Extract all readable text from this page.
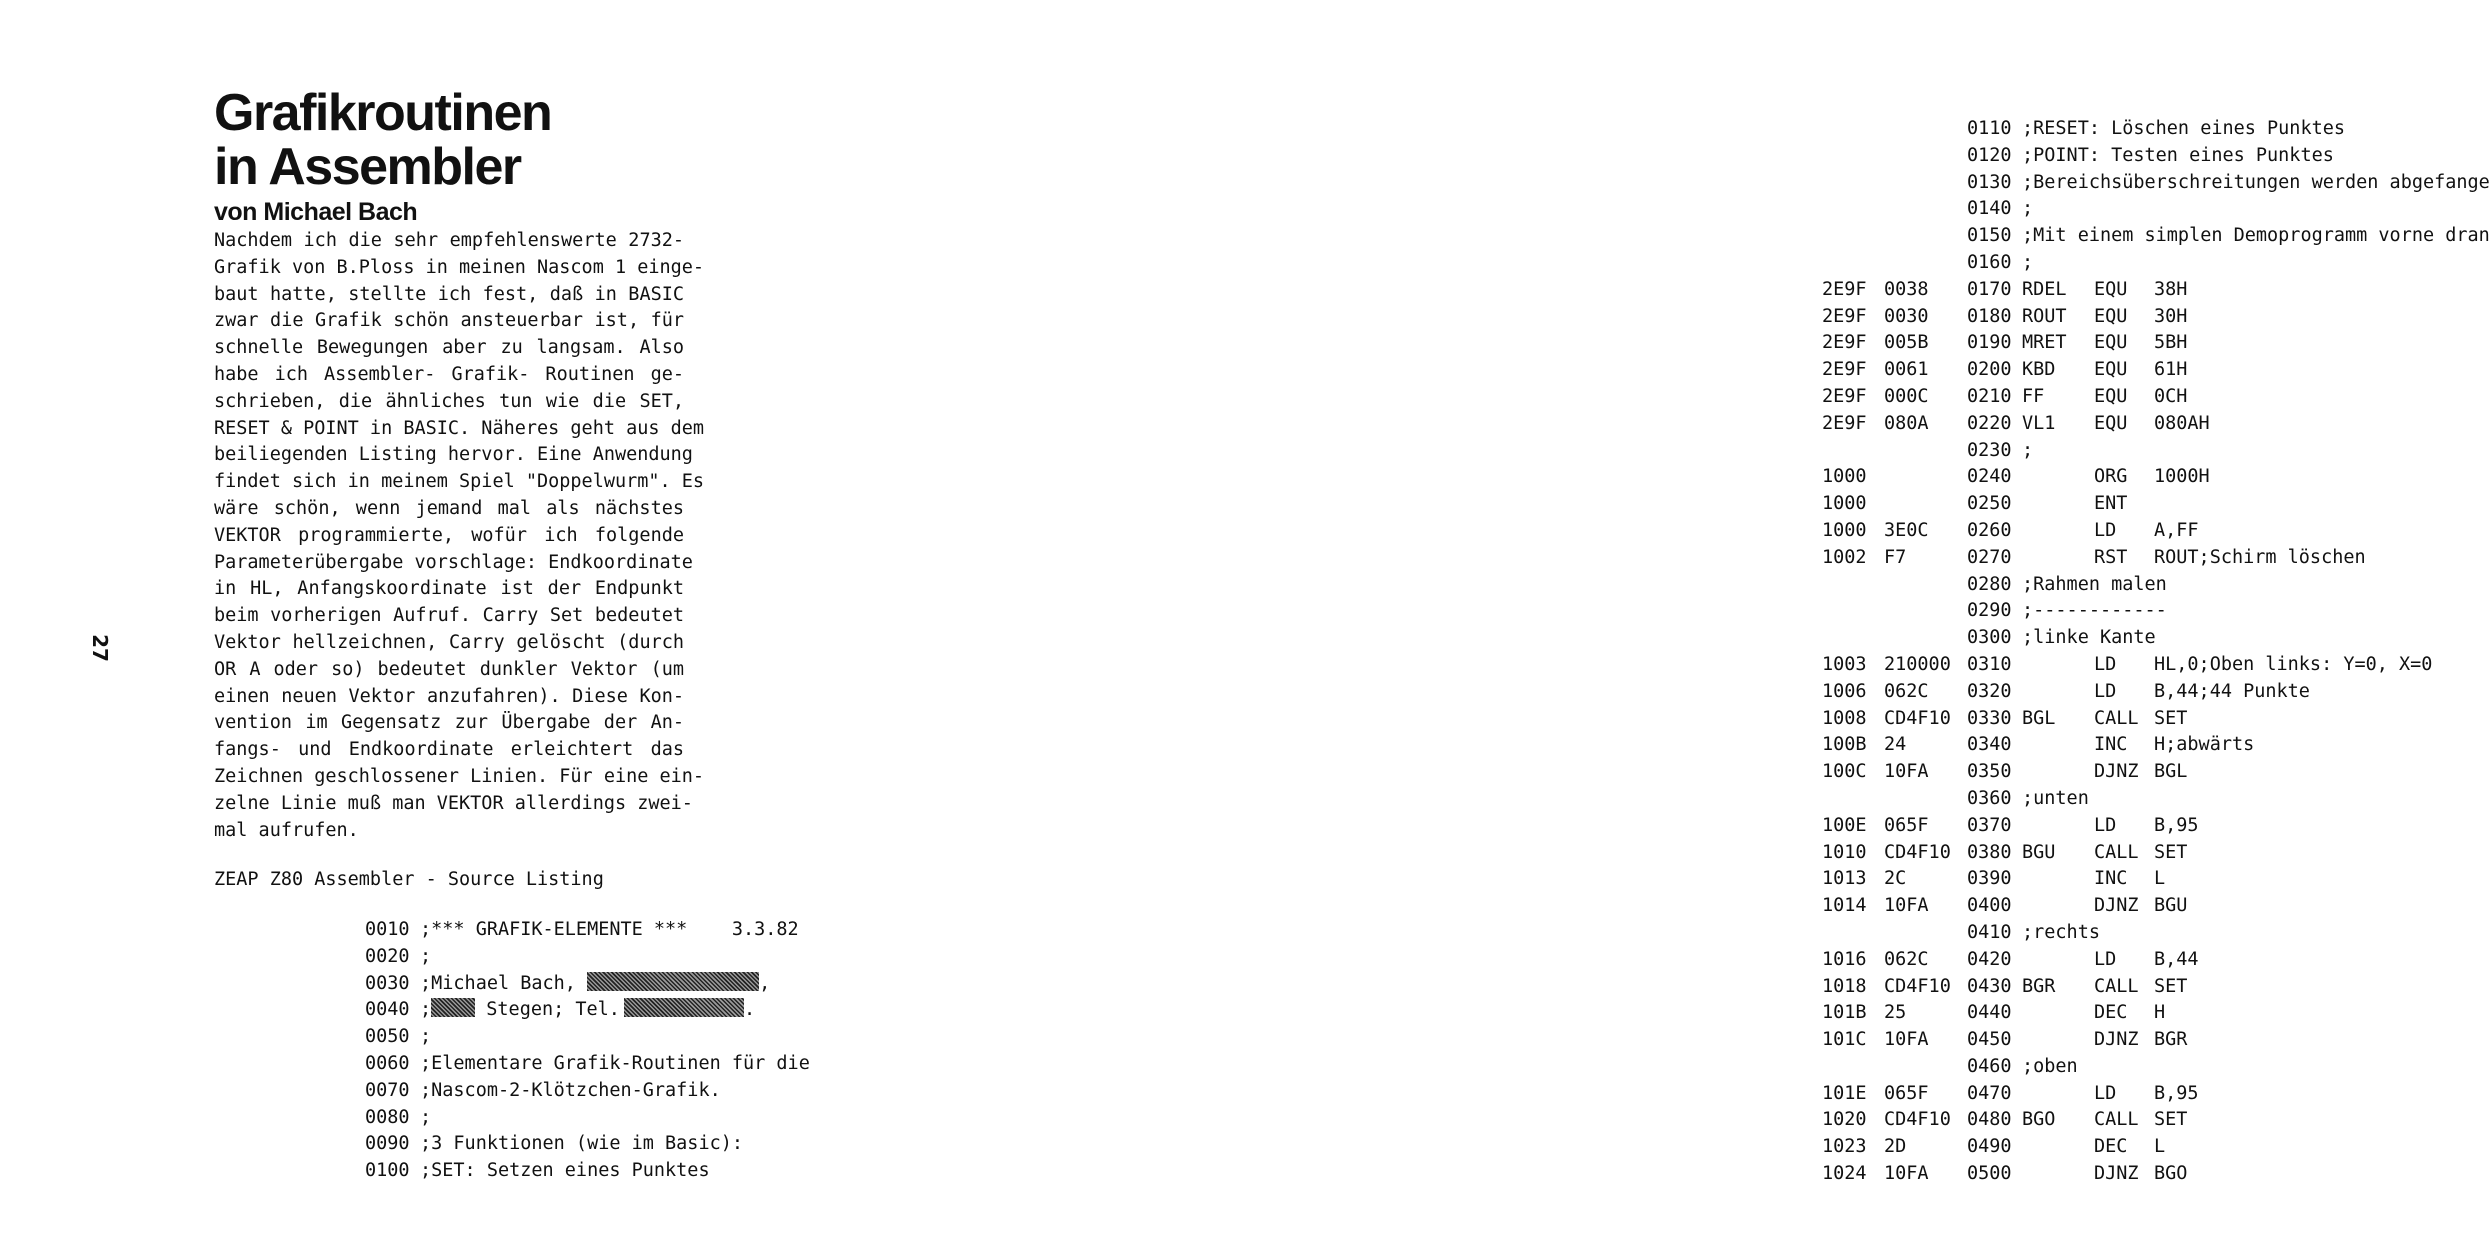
Grafikroutinen
in Assembler
von Michael Bach
Nachdem ich die sehr empfehlenswerte 2732-
Grafik von B.Ploss in meinen Nascom 1 einge-
baut hatte, stellte ich fest, daß in BASIC
zwar die Grafik schön ansteuerbar ist, für
schnelle Bewegungen aber zu langsam. Also
habe ich Assembler- Grafik- Routinen ge-
schrieben, die ähnliches tun wie die SET,
RESET & POINT in BASIC. Näheres geht aus dem
beiliegenden Listing hervor. Eine Anwendung
findet sich in meinem Spiel "Doppelwurm". Es
wäre schön, wenn jemand mal als nächstes
VEKTOR programmierte, wofür ich folgende
Parameterübergabe vorschlage: Endkoordinate
in HL, Anfangskoordinate ist der Endpunkt
beim vorherigen Aufruf. Carry Set bedeutet
Vektor hellzeichnen, Carry gelöscht (durch
OR A oder so) bedeutet dunkler Vektor (um
einen neuen Vektor anzufahren). Diese Kon-
vention im Gegensatz zur Übergabe der An-
fangs- und Endkoordinate erleichtert das
Zeichnen geschlossener Linien. Für eine ein-
zelne Linie muß man VEKTOR allerdings zwei-
mal aufrufen.
ZEAP Z80 Assembler - Source Listing
0010 ;*** GRAFIK-ELEMENTE ***    3.3.82
0020 ;
0030 ;Michael Bach,	,
0040 ; Stegen; Tel.	.
0050 ;
0060 ;Elementare Grafik-Routinen für die
0070 ;Nascom-2-Klötzchen-Grafik.
0080 ;
0090 ;3 Funktionen (wie im Basic):
0100 ;SET: Setzen eines Punktes
27
0110 ;RESET: Löschen eines Punktes
0120 ;POINT: Testen eines Punktes
0130 ;Bereichsüberschreitungen werden abgefange
0140 ;
0150 ;Mit einem simplen Demoprogramm vorne dran
0160 ;
2E9F 0038 0170 RDEL EQU 38H
2E9F 0030 0180 ROUT EQU 30H
2E9F 005B 0190 MRET EQU 5BH
2E9F 0061 0200 KBD EQU 61H
2E9F 000C 0210 FF	EQU 0CH
2E9F 080A 0220 VL1 EQU 080AH
0230 ;
1000	0240	ORG 1000H
1000	0250	ENT
1000 3E0C 0260	LD A,FF
1002 F7	0270	RST ROUT;Schirm löschen
0280 ;Rahmen malen
0290 ;------------
0300 ;linke Kante
1003 210000 0310	LD HL,0;Oben links: Y=0, X=0
1006 062C 0320	LD B,44;44 Punkte
1008 CD4F10 0330 BGL CALL SET
100B 24	0340	INC H;abwärts
100C 10FA 0350	DJNZ BGL
0360 ;unten
100E 065F 0370	LD B,95
1010 CD4F10 0380 BGU CALL SET
1013 2C	0390	INC L
1014 10FA 0400	DJNZ BGU
0410 ;rechts
1016 062C 0420	LD B,44
1018 CD4F10 0430 BGR CALL SET
101B 25	0440	DEC H
101C 10FA 0450	DJNZ BGR
0460 ;oben
101E 065F 0470	LD B,95
1020 CD4F10 0480 BGO CALL SET
1023 2D	0490	DEC L
1024 10FA 0500	DJNZ BGO
